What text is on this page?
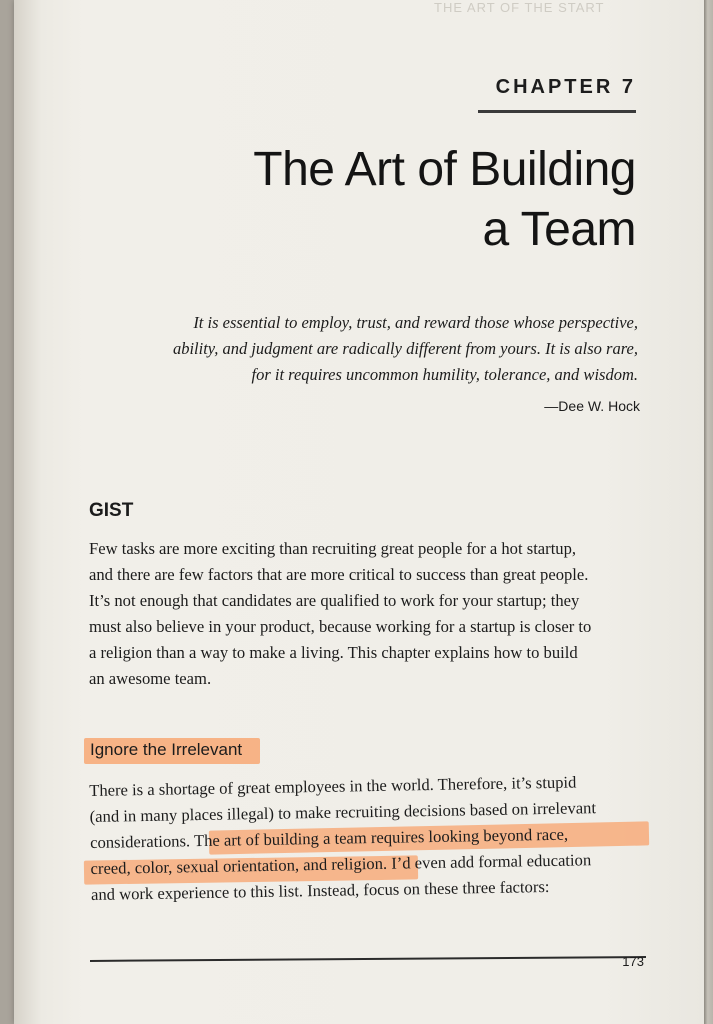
THE ART OF THE START
CHAPTER 7
The Art of Building
a Team
It is essential to employ, trust, and reward those whose perspective,
ability, and judgment are radically different from yours. It is also rare,
for it requires uncommon humility, tolerance, and wisdom.
—Dee W. Hock
GIST
Few tasks are more exciting than recruiting great people for a hot startup,
and there are few factors that are more critical to success than great people.
It’s not enough that candidates are qualified to work for your startup; they
must also believe in your product, because working for a startup is closer to
a religion than a way to make a living. This chapter explains how to build
an awesome team.
Ignore the Irrelevant
There is a shortage of great employees in the world. Therefore, it’s stupid
(and in many places illegal) to make recruiting decisions based on irrelevant
considerations. The art of building a team requires looking beyond race,
creed, color, sexual orientation, and religion. I’d even add formal education
and work experience to this list. Instead, focus on these three factors:
173
